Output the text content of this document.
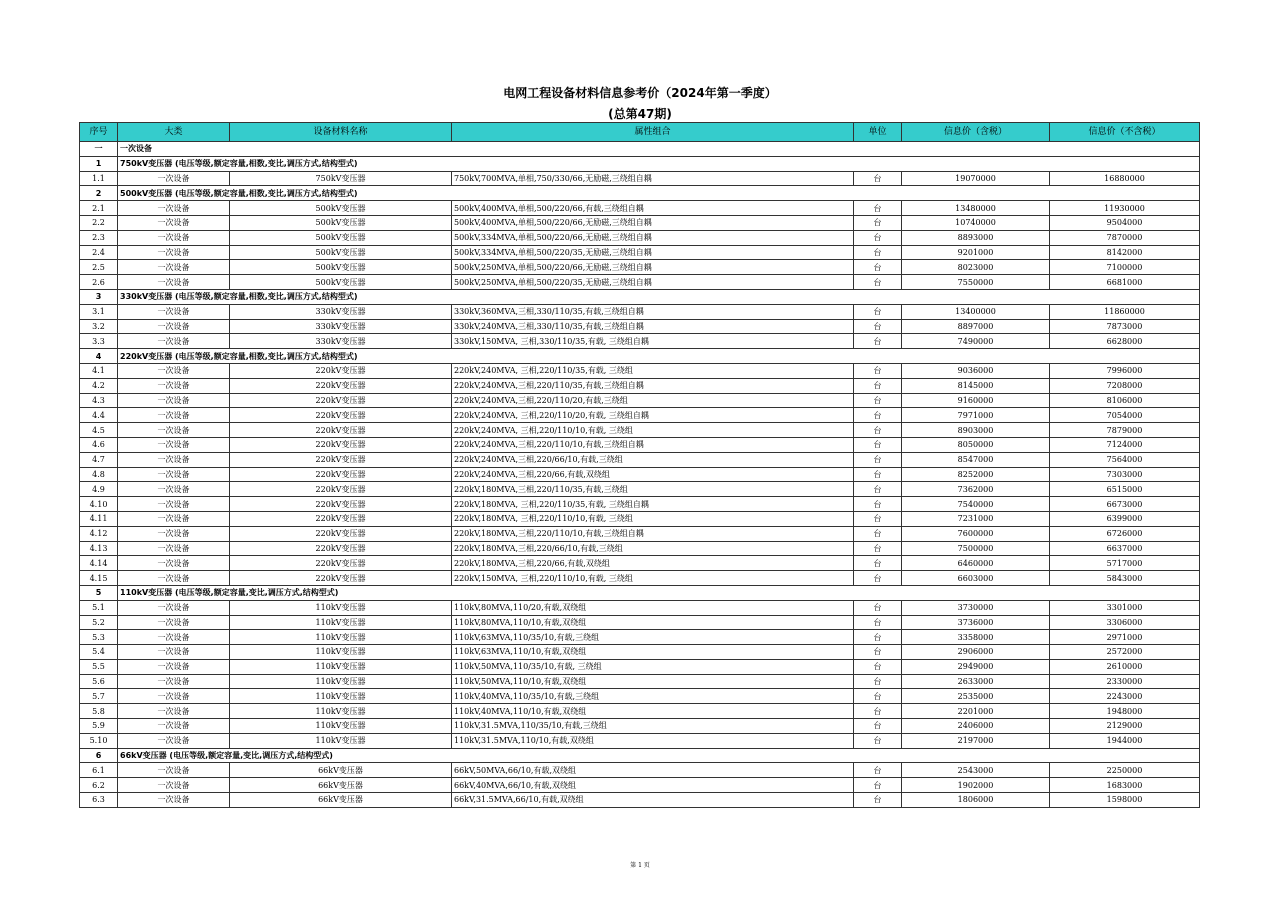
电网工程设备材料信息参考价（2024年第一季度）
(总第47期)
序号	大类	设备材料名称	属性组合	单位	信息价（含税）	信息价（不含税）
一	一次设备					
1	750kV变压器 (电压等级,额定容量,相数,变比,调压方式,结构型式)					
1.1	一次设备	750kV变压器	750kV,700MVA,单相,750/330/66,无励磁,三绕组自耦	台	19070000	16880000
2	500kV变压器 (电压等级,额定容量,相数,变比,调压方式,结构型式)					
2.1	一次设备	500kV变压器	500kV,400MVA,单相,500/220/66,有载,三绕组自耦	台	13480000	11930000
2.2	一次设备	500kV变压器	500kV,400MVA,单相,500/220/66,无励磁,三绕组自耦	台	10740000	9504000
2.3	一次设备	500kV变压器	500kV,334MVA,单相,500/220/66,无励磁,三绕组自耦	台	8893000	7870000
2.4	一次设备	500kV变压器	500kV,334MVA,单相,500/220/35,无励磁,三绕组自耦	台	9201000	8142000
2.5	一次设备	500kV变压器	500kV,250MVA,单相,500/220/66,无励磁,三绕组自耦	台	8023000	7100000
2.6	一次设备	500kV变压器	500kV,250MVA,单相,500/220/35,无励磁,三绕组自耦	台	7550000	6681000
3	330kV变压器 (电压等级,额定容量,相数,变比,调压方式,结构型式)					
3.1	一次设备	330kV变压器	330kV,360MVA,三相,330/110/35,有载,三绕组自耦	台	13400000	11860000
3.2	一次设备	330kV变压器	330kV,240MVA,三相,330/110/35,有载,三绕组自耦	台	8897000	7873000
3.3	一次设备	330kV变压器	330kV,150MVA, 三相,330/110/35,有载, 三绕组自耦	台	7490000	6628000
4	220kV变压器 (电压等级,额定容量,相数,变比,调压方式,结构型式)					
4.1	一次设备	220kV变压器	220kV,240MVA, 三相,220/110/35,有载, 三绕组	台	9036000	7996000
4.2	一次设备	220kV变压器	220kV,240MVA,三相,220/110/35,有载,三绕组自耦	台	8145000	7208000
4.3	一次设备	220kV变压器	220kV,240MVA,三相,220/110/20,有载,三绕组	台	9160000	8106000
4.4	一次设备	220kV变压器	220kV,240MVA, 三相,220/110/20,有载, 三绕组自耦	台	7971000	7054000
4.5	一次设备	220kV变压器	220kV,240MVA, 三相,220/110/10,有载, 三绕组	台	8903000	7879000
4.6	一次设备	220kV变压器	220kV,240MVA,三相,220/110/10,有载,三绕组自耦	台	8050000	7124000
4.7	一次设备	220kV变压器	220kV,240MVA,三相,220/66/10,有载,三绕组	台	8547000	7564000
4.8	一次设备	220kV变压器	220kV,240MVA,三相,220/66,有载,双绕组	台	8252000	7303000
4.9	一次设备	220kV变压器	220kV,180MVA,三相,220/110/35,有载,三绕组	台	7362000	6515000
4.10	一次设备	220kV变压器	220kV,180MVA, 三相,220/110/35,有载, 三绕组自耦	台	7540000	6673000
4.11	一次设备	220kV变压器	220kV,180MVA, 三相,220/110/10,有载, 三绕组	台	7231000	6399000
4.12	一次设备	220kV变压器	220kV,180MVA,三相,220/110/10,有载,三绕组自耦	台	7600000	6726000
4.13	一次设备	220kV变压器	220kV,180MVA,三相,220/66/10,有载,三绕组	台	7500000	6637000
4.14	一次设备	220kV变压器	220kV,180MVA,三相,220/66,有载,双绕组	台	6460000	5717000
4.15	一次设备	220kV变压器	220kV,150MVA, 三相,220/110/10,有载, 三绕组	台	6603000	5843000
5	110kV变压器 (电压等级,额定容量,变比,调压方式,结构型式)					
5.1	一次设备	110kV变压器	110kV,80MVA,110/20,有载,双绕组	台	3730000	3301000
5.2	一次设备	110kV变压器	110kV,80MVA,110/10,有载,双绕组	台	3736000	3306000
5.3	一次设备	110kV变压器	110kV,63MVA,110/35/10,有载,三绕组	台	3358000	2971000
5.4	一次设备	110kV变压器	110kV,63MVA,110/10,有载,双绕组	台	2906000	2572000
5.5	一次设备	110kV变压器	110kV,50MVA,110/35/10,有载, 三绕组	台	2949000	2610000
5.6	一次设备	110kV变压器	110kV,50MVA,110/10,有载,双绕组	台	2633000	2330000
5.7	一次设备	110kV变压器	110kV,40MVA,110/35/10,有载,三绕组	台	2535000	2243000
5.8	一次设备	110kV变压器	110kV,40MVA,110/10,有载,双绕组	台	2201000	1948000
5.9	一次设备	110kV变压器	110kV,31.5MVA,110/35/10,有载,三绕组	台	2406000	2129000
5.10	一次设备	110kV变压器	110kV,31.5MVA,110/10,有载,双绕组	台	2197000	1944000
6	66kV变压器 (电压等级,额定容量,变比,调压方式,结构型式)					
6.1	一次设备	66kV变压器	66kV,50MVA,66/10,有载,双绕组	台	2543000	2250000
6.2	一次设备	66kV变压器	66kV,40MVA,66/10,有载,双绕组	台	1902000	1683000
6.3	一次设备	66kV变压器	66kV,31.5MVA,66/10,有载,双绕组	台	1806000	1598000
第 1 页
